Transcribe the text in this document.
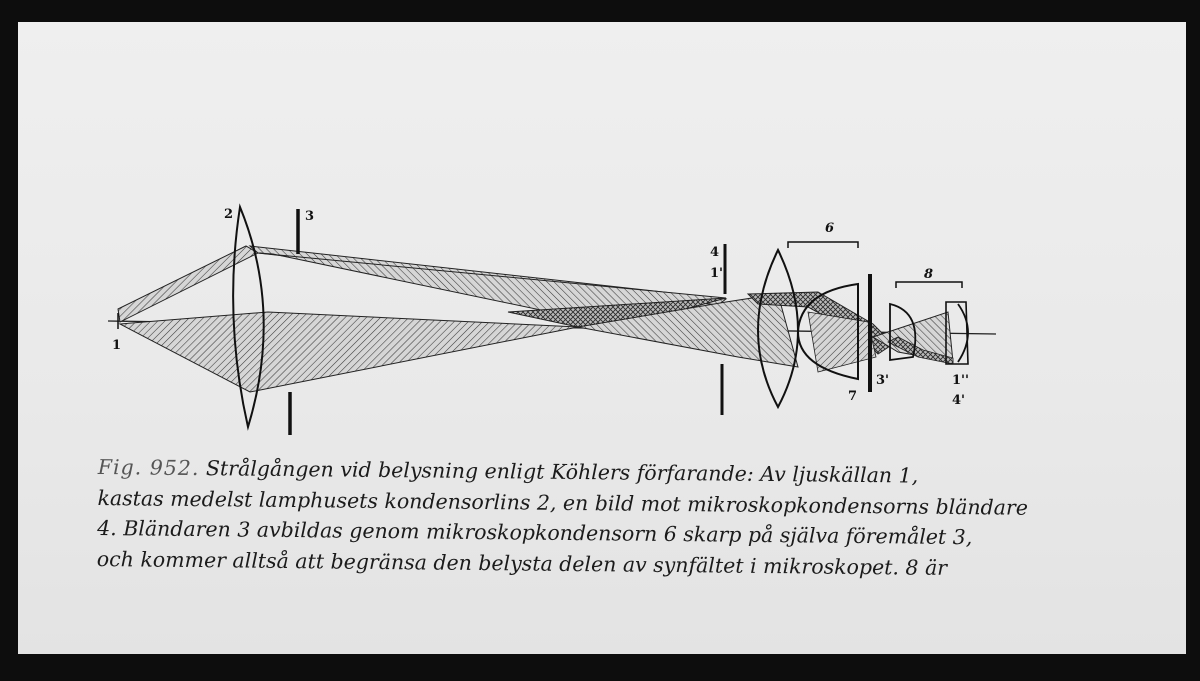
1
2	3
4
1'
6
7
3'
8
1''
4'
Fig. 952. Strålgången vid belysning enligt Köhlers förfarande: Av ljuskällan 1,
kastas medelst lamphusets kondensorlins 2, en bild mot mikroskopkondensorns bländare
4. Bländaren 3 avbildas genom mikroskopkondensorn 6 skarp på själva föremålet 3,
och kommer alltså att begränsa den belysta delen av synfältet i mikroskopet. 8 är
